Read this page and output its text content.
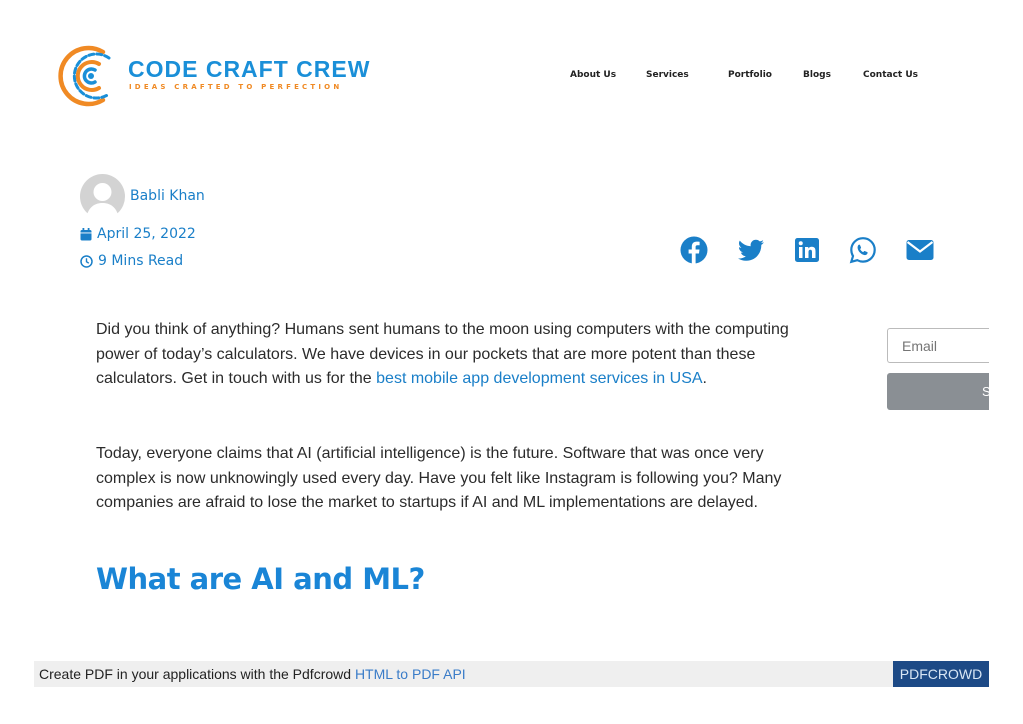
CODE CRAFT CREW
IDEAS CRAFTED TO PERFECTION
About Us	Services	Portfolio	Blogs	Contact Us
Babli Khan
April 25, 2022
9 Mins Read

Did you think of anything? Humans sent humans to the moon using computers with the computing power of today’s calculators. We have devices in our pockets that are more potent than these calculators. Get in touch with us for the best mobile app development services in USA.

Today, everyone claims that AI (artificial intelligence) is the future. Software that was once very complex is now unknowingly used every day. Have you felt like Instagram is following you? Many companies are afraid to lose the market to startups if AI and ML implementations are delayed.

What are AI and ML?
Email
S
Create PDF in your applications with the Pdfcrowd HTML to PDF API	PDFCROWD
